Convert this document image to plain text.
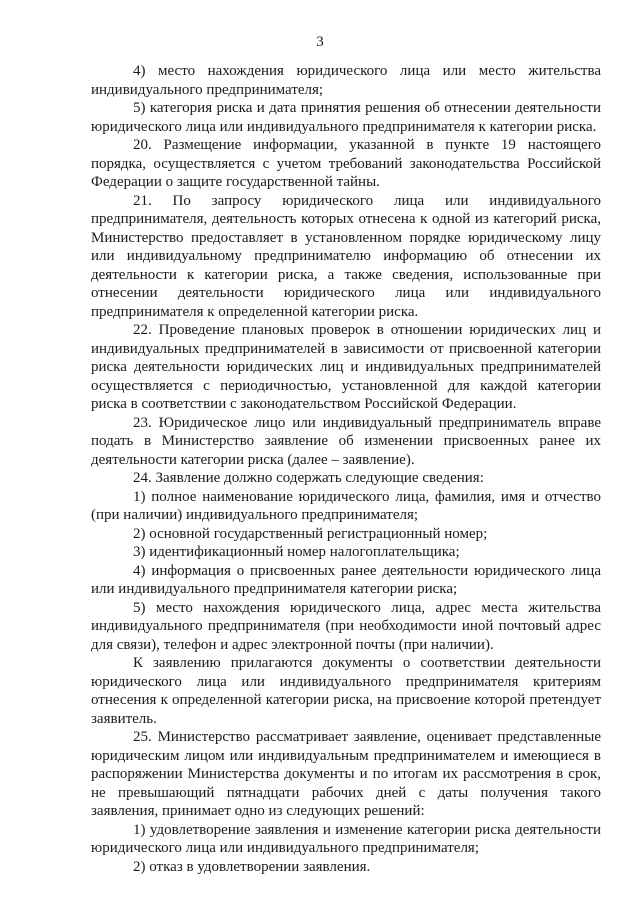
3

4) место нахождения юридического лица или место жительства индивидуального предпринимателя;

5) категория риска и дата принятия решения об отнесении деятельности юридического лица или индивидуального предпринимателя к категории риска.

20. Размещение информации, указанной в пункте 19 настоящего порядка, осуществляется с учетом требований законодательства Российской Федерации о защите государственной тайны.

21. По запросу юридического лица или индивидуального предпринимателя, деятельность которых отнесена к одной из категорий риска, Министерство предоставляет в установленном порядке юридическому лицу или индивидуальному предпринимателю информацию об отнесении их деятельности к категории риска, а также сведения, использованные при отнесении деятельности юридического лица или индивидуального предпринимателя к определенной категории риска.

22. Проведение плановых проверок в отношении юридических лиц и индивидуальных предпринимателей в зависимости от присвоенной категории риска деятельности юридических лиц и индивидуальных предпринимателей осуществляется с периодичностью, установленной для каждой категории риска в соответствии с законодательством Российской Федерации.

23. Юридическое лицо или индивидуальный предприниматель вправе подать в Министерство заявление об изменении присвоенных ранее их деятельности категории риска (далее – заявление).

24. Заявление должно содержать следующие сведения:

1) полное наименование юридического лица, фамилия, имя и отчество (при наличии) индивидуального предпринимателя;

2) основной государственный регистрационный номер;

3) идентификационный номер налогоплательщика;

4) информация о присвоенных ранее деятельности юридического лица или индивидуального предпринимателя категории риска;

5) место нахождения юридического лица, адрес места жительства индивидуального предпринимателя (при необходимости иной почтовый адрес для связи), телефон и адрес электронной почты (при наличии).

К заявлению прилагаются документы о соответствии деятельности юридического лица или индивидуального предпринимателя критериям отнесения к определенной категории риска, на присвоение которой претендует заявитель.

25. Министерство рассматривает заявление, оценивает представленные юридическим лицом или индивидуальным предпринимателем и имеющиеся в распоряжении Министерства документы и по итогам их рассмотрения в срок, не превышающий пятнадцати рабочих дней с даты получения такого заявления, принимает одно из следующих решений:

1) удовлетворение заявления и изменение категории риска деятельности юридического лица или индивидуального предпринимателя;

2) отказ в удовлетворении заявления.
